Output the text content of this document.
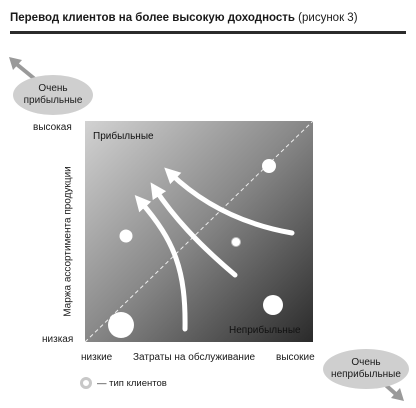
Перевод клиентов на более высокую доходность (рисунок 3)
Очень прибыльные
Очень неприбыльные
Маржа ассортимента продукции
высокая
низкая
Прибыльные
Неприбыльные
низкие Затраты на обслуживание высокие
— тип клиентов
